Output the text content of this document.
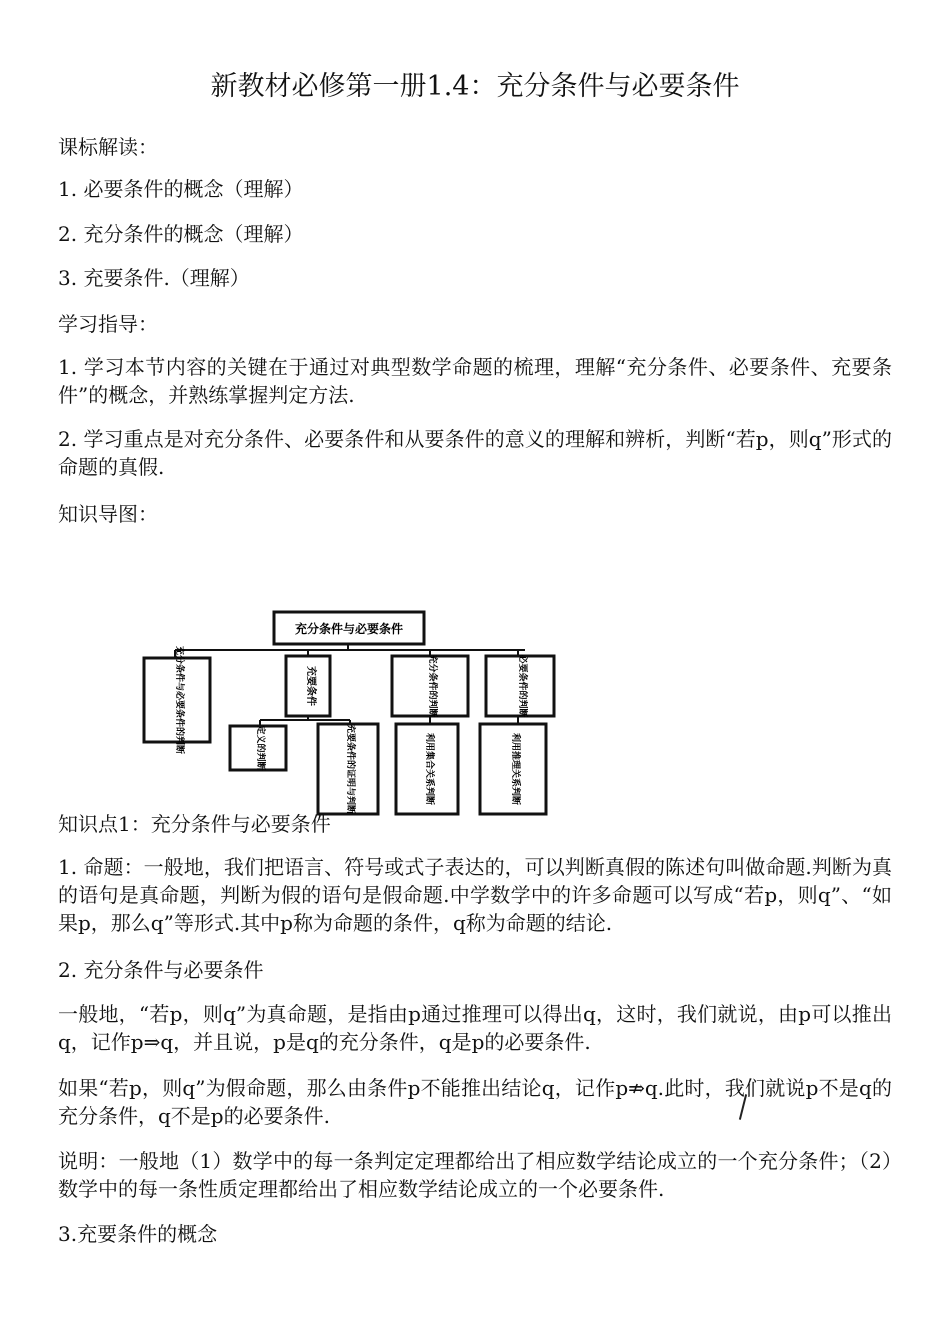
新教材必修第一册1.4：充分条件与必要条件
课标解读：
1. 必要条件的概念（理解）
2. 充分条件的概念（理解）
3. 充要条件.（理解）
学习指导：
1. 学习本节内容的关键在于通过对典型数学命题的梳理，理解“充分条件、必要条件、充要条件”的概念，并熟练掌握判定方法.
2. 学习重点是对充分条件、必要条件和从要条件的意义的理解和辨析，判断“若p，则q”形式的命题的真假.
知识导图：
充分条件与必要条件
充分条件与必要条件的判断	充要条件	充分条件的判断	必要条件的判断
定义的判断	充要条件的证明与判断	利用集合关系判断	利用推理关系判断
知识点1：充分条件与必要条件
1. 命题：一般地，我们把语言、符号或式子表达的，可以判断真假的陈述句叫做命题.判断为真的语句是真命题，判断为假的语句是假命题.中学数学中的许多命题可以写成“若p，则q”、“如果p，那么q”等形式.其中p称为命题的条件，q称为命题的结论.
2. 充分条件与必要条件
一般地，“若p，则q”为真命题，是指由p通过推理可以得出q，这时，我们就说，由p可以推出q，记作p⇒q，并且说，p是q的充分条件，q是p的必要条件.
如果“若p，则q”为假命题，那么由条件p不能推出结论q，记作p⇏q.此时，我们就说p不是q的充分条件，q不是p的必要条件.
说明：一般地（1）数学中的每一条判定定理都给出了相应数学结论成立的一个充分条件；（2）数学中的每一条性质定理都给出了相应数学结论成立的一个必要条件.
3.充要条件的概念
